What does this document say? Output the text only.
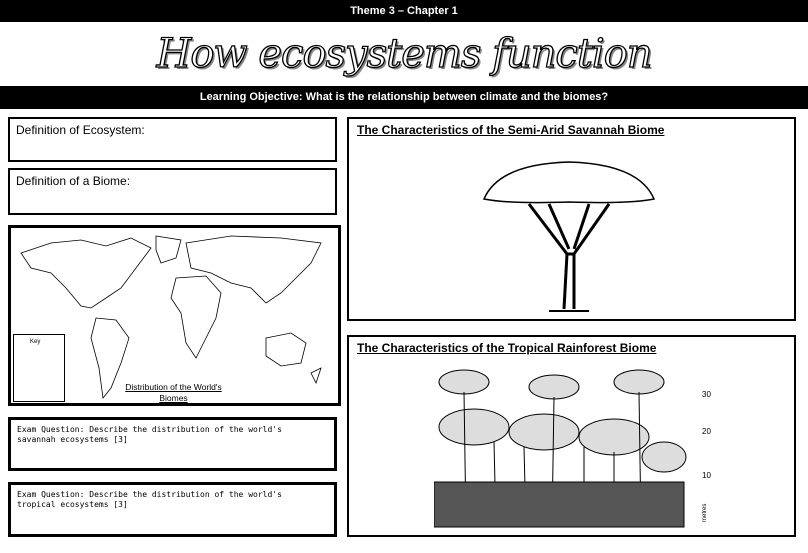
Theme 3 – Chapter 1
How ecosystems function
Learning Objective: What is the relationship between climate and the biomes?
Definition of Ecosystem:
Definition of a Biome:
Key
Distribution of the World's
Biomes
Exam Question: Describe the distribution of the world's savannah ecosystems [3]
Exam Question: Describe the distribution of the world's tropical ecosystems [3]
The Characteristics of the Semi-Arid Savannah Biome
The Characteristics of the Tropical Rainforest Biome
30
20
10
metres
